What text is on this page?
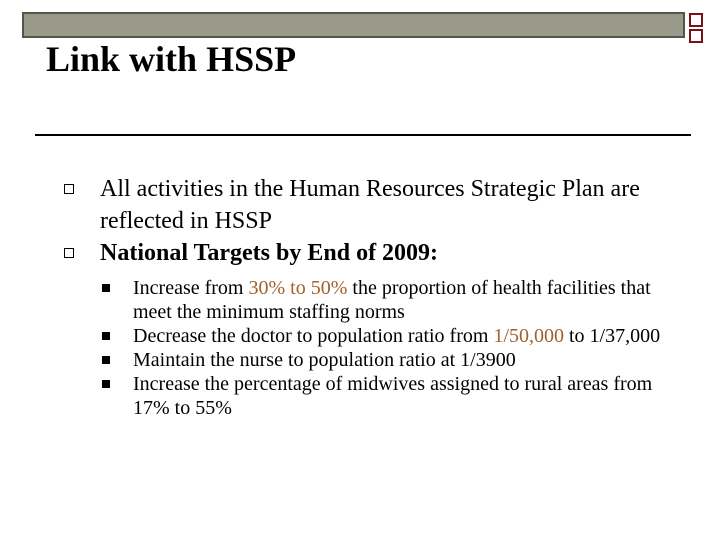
Link with HSSP
All activities in the Human Resources Strategic Plan are reflected in HSSP
National Targets by End of 2009:
Increase from 30% to 50% the proportion of health facilities that meet the minimum staffing norms
Decrease the doctor to population ratio from 1/50,000 to 1/37,000
Maintain the nurse to population ratio at 1/3900
Increase the percentage of midwives assigned to rural areas from 17% to 55%
